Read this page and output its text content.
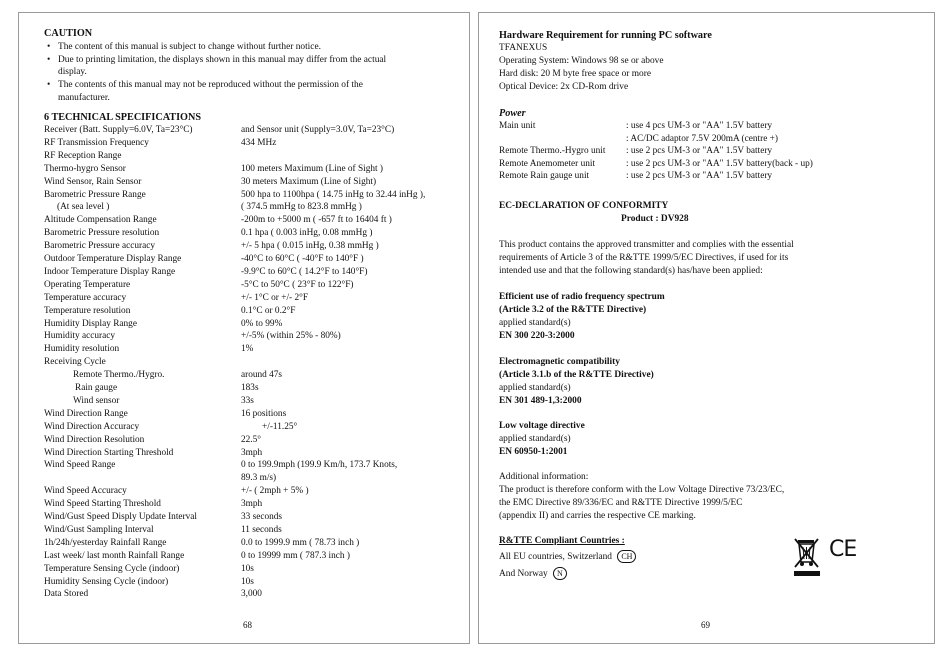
CAUTION
• The content of this manual is subject to change without further notice.
• Due to printing limitation, the displays shown in this manual may differ from the actual
display.
• The contents of this manual may not be reproduced without the permission of the
manufacturer.
6 TECHNICAL SPECIFICATIONS
Receiver (Batt. Supply=6.0V, Ta=23°C)	and Sensor unit (Supply=3.0V, Ta=23°C)
RF Transmission Frequency	434 MHz
RF Reception Range
Thermo-hygro Sensor	100 meters Maximum (Line of Sight )
Wind Sensor, Rain Sensor	30 meters Maximum (Line of Sight)
Barometric Pressure Range	500 hpa to 1100hpa ( 14.75 inHg to 32.44 inHg ),
(At sea level )	( 374.5 mmHg to 823.8 mmHg )
Altitude Compensation Range	-200m to +5000 m ( -657 ft to 16404 ft )
Barometric Pressure resolution	0.1 hpa ( 0.003 inHg, 0.08 mmHg )
Barometric Pressure accuracy	+/- 5 hpa ( 0.015 inHg, 0.38 mmHg )
Outdoor Temperature Display Range	-40°C to 60°C ( -40°F to 140°F )
Indoor Temperature Display Range	-9.9°C to 60°C ( 14.2°F to 140°F)
Operating Temperature	-5°C to 50°C ( 23°F to 122°F)
Temperature accuracy	+/- 1°C or +/- 2°F
Temperature resolution	0.1°C or 0.2°F
Humidity Display Range	0% to 99%
Humidity accuracy	+/-5% (within 25% - 80%)
Humidity resolution	1%
Receiving Cycle
Remote Thermo./Hygro.	around 47s
Rain gauge	183s
Wind sensor	33s
Wind Direction Range	16 positions
Wind Direction Accuracy	+/-11.25°
Wind Direction Resolution	22.5°
Wind Direction Starting Threshold	3mph
Wind Speed Range	0 to 199.9mph (199.9 Km/h, 173.7 Knots,
89.3 m/s)
Wind Speed Accuracy	+/- ( 2mph + 5% )
Wind Speed Starting Threshold	3mph
Wind/Gust Speed Disply Update Interval	33 seconds
Wind/Gust Sampling Interval	11 seconds
1h/24h/yesterday Rainfall Range	0.0 to 1999.9 mm ( 78.73 inch )
Last week/ last month Rainfall Range	0 to 19999 mm ( 787.3 inch )
Temperature Sensing Cycle (indoor)	10s
Humidity Sensing Cycle (indoor)	10s
Data Stored	3,000
68
Hardware Requirement for running PC software
TFANEXUS
Operating System: Windows 98 se or above
Hard disk: 20 M byte free space or more
Optical Device: 2x CD-Rom drive
Power
Main unit	: use 4 pcs UM-3 or "AA" 1.5V battery
: AC/DC adaptor 7.5V 200mA (centre +)
Remote Thermo.-Hygro unit : use 2 pcs UM-3 or "AA" 1.5V battery
Remote Anemometer unit	: use 2 pcs UM-3 or "AA" 1.5V battery(back - up)
Remote Rain gauge unit	: use 2 pcs UM-3 or "AA" 1.5V battery
EC-DECLARATION OF CONFORMITY
Product : DV928
This product contains the approved transmitter and complies with the essential
requirements of Article 3 of the R&TTE 1999/5/EC Directives, if used for its
intended use and that the following standard(s) has/have been applied:
Efficient use of radio frequency spectrum
(Article 3.2 of the R&TTE Directive)
applied standard(s)
EN 300 220-3:2000
Electromagnetic compatibility
(Article 3.1.b of the R&TTE Directive)
applied standard(s)
EN 301 489-1,3:2000
Low voltage directive
applied standard(s)
EN 60950-1:2001
Additional information:
The product is therefore conform with the Low Voltage Directive 73/23/EC,
the EMC Directive 89/336/EC and R&TTE Directive 1999/5/EC
(appendix II) and carries the respective CE marking.
R&TTE Compliant Countries :
All EU countries, Switzerland CH
And Norway N
CE
69
